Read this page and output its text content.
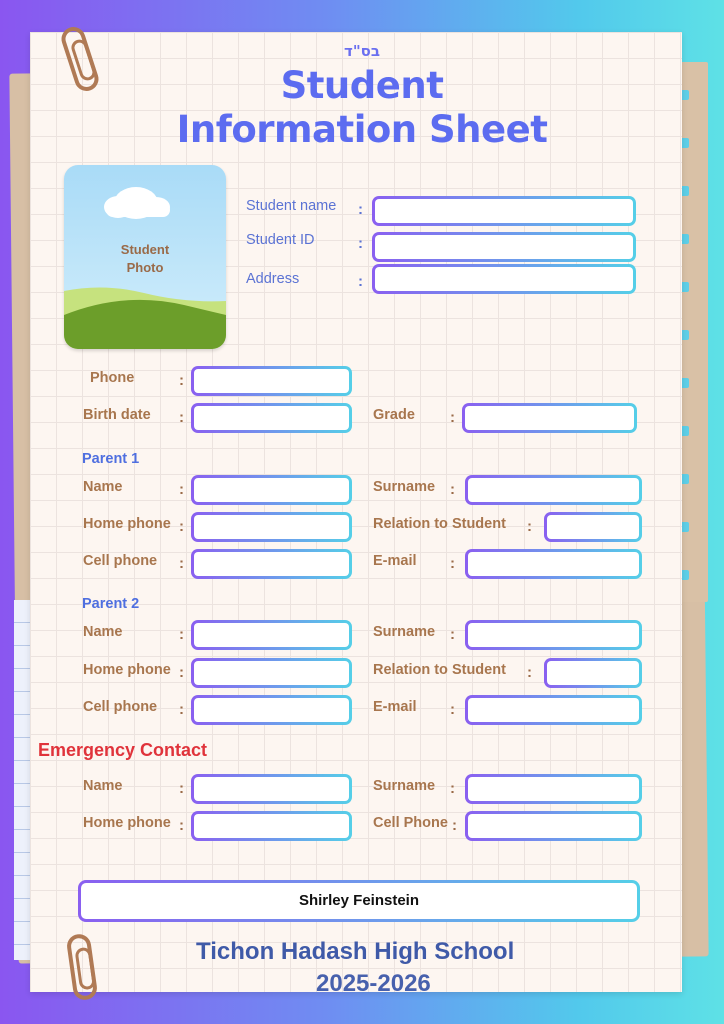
בס"ד
Student
Information Sheet
Student
Photo
Student name :
Student ID	:
Address	:
Phone	:
Birth date :	Grade :
Parent 1
Name	:	Surname :
Home phone :	Relation to Student :
Cell phone :	E-mail :
Parent 2
Name	:	Surname :
Home phone :	Relation to Student :
Cell phone :	E-mail :
Emergency Contact
Name	:	Surname :
Home phone :	Cell Phone :
Shirley Feinstein
Tichon Hadash High School
2025-2026
